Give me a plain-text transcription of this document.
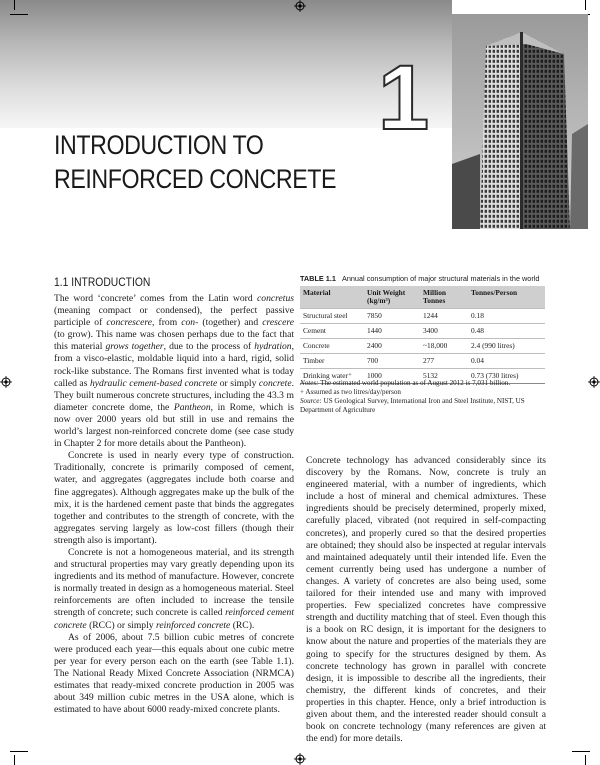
1
INTRODUCTION TO
REINFORCED CONCRETE
1.1 INTRODUCTION

The word ‘concrete’ comes from the Latin word concretus (meaning compact or condensed), the perfect passive participle of concrescere, from con- (together) and crescere (to grow). This name was chosen perhaps due to the fact that this material grows together, due to the process of hydration, from a visco-elastic, moldable liquid into a hard, rigid, solid rock-like substance. The Romans first invented what is today called as hydraulic cement-based concrete or simply concrete. They built numerous concrete structures, including the 43.3 m diameter concrete dome, the Pantheon, in Rome, which is now over 2000 years old but still in use and remains the world’s largest non-reinforced concrete dome (see case study in Chapter 2 for more details about the Pantheon).

Concrete is used in nearly every type of construction. Traditionally, concrete is primarily composed of cement, water, and aggregates (aggregates include both coarse and fine aggregates). Although aggregates make up the bulk of the mix, it is the hardened cement paste that binds the aggregates together and contributes to the strength of concrete, with the aggregates serving largely as low-cost fillers (though their strength also is important).

Concrete is not a homogeneous material, and its strength and structural properties may vary greatly depending upon its ingredients and its method of manufacture. However, concrete is normally treated in design as a homogeneous material. Steel reinforcements are often included to increase the tensile strength of concrete; such concrete is called reinforced cement concrete (RCC) or simply reinforced concrete (RC).

As of 2006, about 7.5 billion cubic metres of concrete were produced each year—this equals about one cubic metre per year for every person each on the earth (see Table 1.1). The National Ready Mixed Concrete Association (NRMCA) estimates that ready-mixed concrete production in 2005 was about 349 million cubic metres in the USA alone, which is estimated to have about 6000 ready-mixed concrete plants.

TABLE 1.1 Annual consumption of major structural materials in the world
Material	Unit Weight (kg/m³)	Million Tonnes	Tonnes/Person
Structural steel	7850	1244	0.18
Cement	1440	3400	0.48
Concrete	2400	~18,000	2.4 (990 litres)
Timber	700	277	0.04
Drinking water⁺	1000	5132	0.73 (730 litres)

Notes: The estimated world population as of August 2012 is 7,031 billion.

+ Assumed as two litres/day/person

Source: US Geological Survey, International Iron and Steel Institute, NIST, US Department of Agriculture

Concrete technology has advanced considerably since its discovery by the Romans. Now, concrete is truly an engineered material, with a number of ingredients, which include a host of mineral and chemical admixtures. These ingredients should be precisely determined, properly mixed, carefully placed, vibrated (not required in self-compacting concretes), and properly cured so that the desired properties are obtained; they should also be inspected at regular intervals and maintained adequately until their intended life. Even the cement currently being used has undergone a number of changes. A variety of concretes are also being used, some tailored for their intended use and many with improved properties. Few specialized concretes have compressive strength and ductility matching that of steel. Even though this is a book on RC design, it is important for the designers to know about the nature and properties of the materials they are going to specify for the structures designed by them. As concrete technology has grown in parallel with concrete design, it is impossible to describe all the ingredients, their chemistry, the different kinds of concretes, and their properties in this chapter. Hence, only a brief introduction is given about them, and the interested reader should consult a book on concrete technology (many references are given at the end) for more details.
